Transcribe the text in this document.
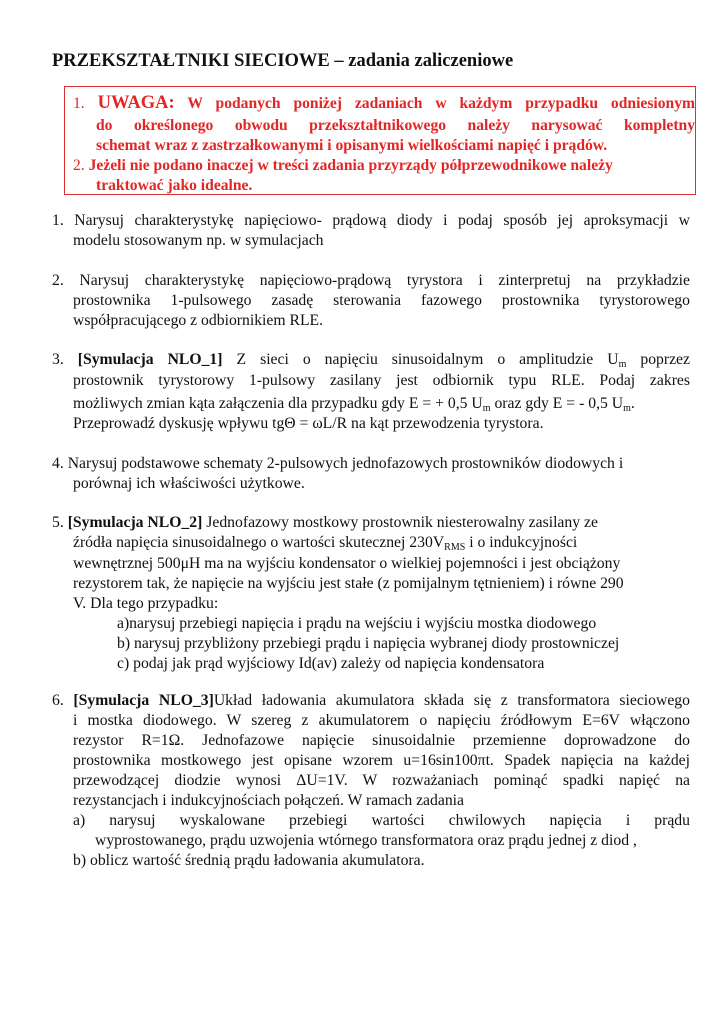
PRZEKSZTAŁTNIKI SIECIOWE – zadania zaliczeniowe
1. UWAGA: W podanych poniżej zadaniach w każdym przypadku odniesionym
do określonego obwodu przekształtnikowego należy narysować kompletny
schemat wraz z zastrzałkowanymi i opisanymi wielkościami napięć i prądów.
2. Jeżeli nie podano inaczej w treści zadania przyrządy półprzewodnikowe należy
traktować jako idealne.
1. Narysuj charakterystykę napięciowo- prądową diody i podaj sposób jej aproksymacji w
modelu stosowanym np. w symulacjach
2. Narysuj charakterystykę napięciowo-prądową tyrystora i zinterpretuj na przykładzie
prostownika 1-pulsowego zasadę sterowania fazowego prostownika tyrystorowego
współpracującego z odbiornikiem RLE.
3. [Symulacja NLO_1] Z sieci o napięciu sinusoidalnym o amplitudzie $U_m$ poprzez
prostownik tyrystorowy 1-pulsowy zasilany jest odbiornik typu RLE. Podaj zakres
możliwych zmian kąta załączenia dla przypadku gdy E = + 0,5 $U_m$ oraz gdy E = - 0,5 $U_m$.
Przeprowadź dyskusję wpływu tgΘ = ωL/R na kąt przewodzenia tyrystora.
4. Narysuj podstawowe schematy 2-pulsowych jednofazowych prostowników diodowych i
porównaj ich właściwości użytkowe.
5. [Symulacja NLO_2] Jednofazowy mostkowy prostownik niesterowalny zasilany ze
źródła napięcia sinusoidalnego o wartości skutecznej $230V_{RMS}$ i o indukcyjności
wewnętrznej 500μH ma na wyjściu kondensator o wielkiej pojemności i jest obciążony
rezystorem tak, że napięcie na wyjściu jest stałe (z pomijalnym tętnieniem) i równe 290
V. Dla tego przypadku:
a)narysuj przebiegi napięcia i prądu na wejściu i wyjściu mostka diodowego
b) narysuj przybliżony przebiegi prądu i napięcia wybranej diody prostowniczej
c) podaj jak prąd wyjściowy Id(av) zależy od napięcia kondensatora
6. [Symulacja NLO_3]Układ ładowania akumulatora składa się z transformatora sieciowego
i mostka diodowego. W szereg z akumulatorem o napięciu źródłowym E=6V włączono
rezystor R=1Ω. Jednofazowe napięcie sinusoidalnie przemienne doprowadzone do
prostownika mostkowego jest opisane wzorem u=16sin100πt. Spadek napięcia na każdej
przewodzącej diodzie wynosi ΔU=1V. W rozważaniach pominąć spadki napięć na
rezystancjach i indukcyjnościach połączeń. W ramach zadania
a) narysuj wyskalowane przebiegi wartości chwilowych napięcia i prądu
wyprostowanego, prądu uzwojenia wtórnego transformatora oraz prądu jednej z diod ,
b) oblicz wartość średnią prądu ładowania akumulatora.
